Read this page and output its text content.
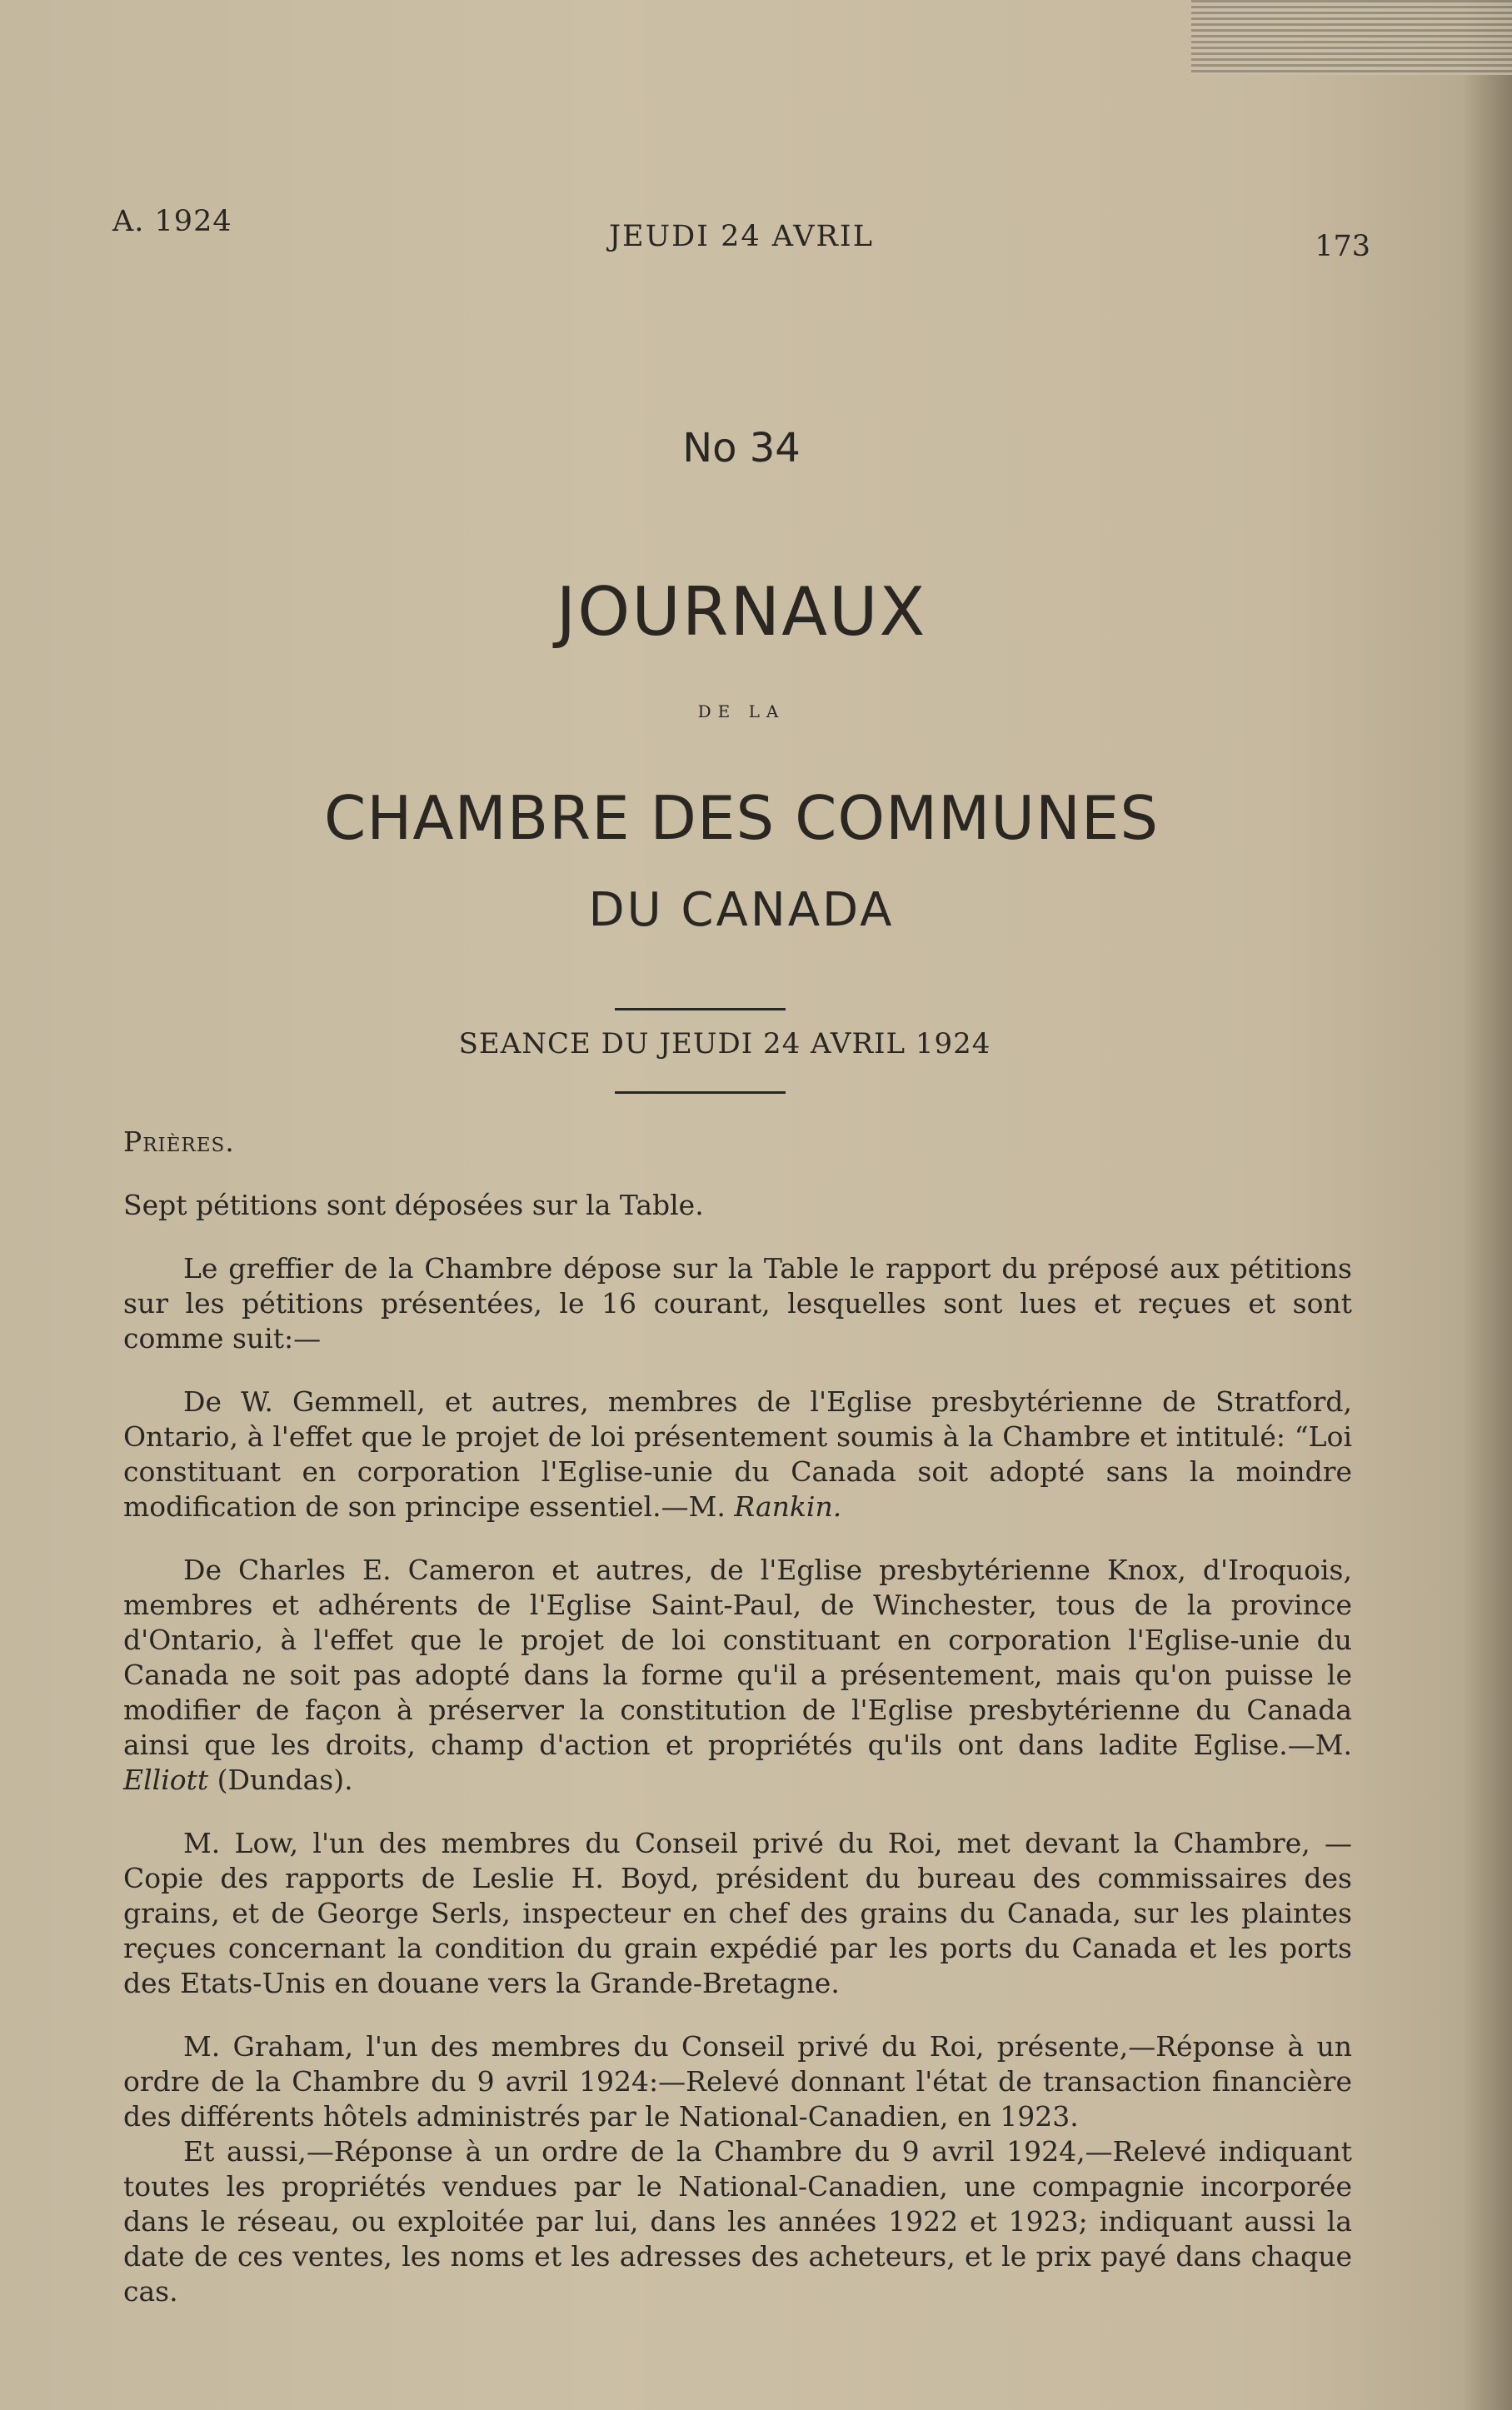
A. 1924	JEUDI 24 AVRIL	173
No 34
JOURNAUX
DE LA
CHAMBRE DES COMMUNES
DU CANADA
SEANCE DU JEUDI 24 AVRIL 1924

Prières.

Sept pétitions sont déposées sur la Table.

Le greffier de la Chambre dépose sur la Table le rapport du préposé aux pétitions sur les pétitions présentées, le 16 courant, lesquelles sont lues et reçues et sont comme suit:—

De W. Gemmell, et autres, membres de l'Eglise presbytérienne de Stratford, Ontario, à l'effet que le projet de loi présentement soumis à la Chambre et intitulé: “Loi constituant en corporation l'Eglise-unie du Canada soit adopté sans la moindre modification de son principe essentiel.—M. Rankin.

De Charles E. Cameron et autres, de l'Eglise presbytérienne Knox, d'Iroquois, membres et adhérents de l'Eglise Saint-Paul, de Winchester, tous de la province d'Ontario, à l'effet que le projet de loi constituant en corporation l'Eglise-unie du Canada ne soit pas adopté dans la forme qu'il a présentement, mais qu'on puisse le modifier de façon à préserver la constitution de l'Eglise presbytérienne du Canada ainsi que les droits, champ d'action et propriétés qu'ils ont dans ladite Eglise.—M. Elliott (Dundas).

M. Low, l'un des membres du Conseil privé du Roi, met devant la Chambre, —Copie des rapports de Leslie H. Boyd, président du bureau des commissaires des grains, et de George Serls, inspecteur en chef des grains du Canada, sur les plaintes reçues concernant la condition du grain expédié par les ports du Canada et les ports des Etats-Unis en douane vers la Grande-Bretagne.

M. Graham, l'un des membres du Conseil privé du Roi, présente,—Réponse à un ordre de la Chambre du 9 avril 1924:—Relevé donnant l'état de transaction financière des différents hôtels administrés par le National-Canadien, en 1923.

Et aussi,—Réponse à un ordre de la Chambre du 9 avril 1924,—Relevé indiquant toutes les propriétés vendues par le National-Canadien, une compagnie incorporée dans le réseau, ou exploitée par lui, dans les années 1922 et 1923; indiquant aussi la date de ces ventes, les noms et les adresses des acheteurs, et le prix payé dans chaque cas.
